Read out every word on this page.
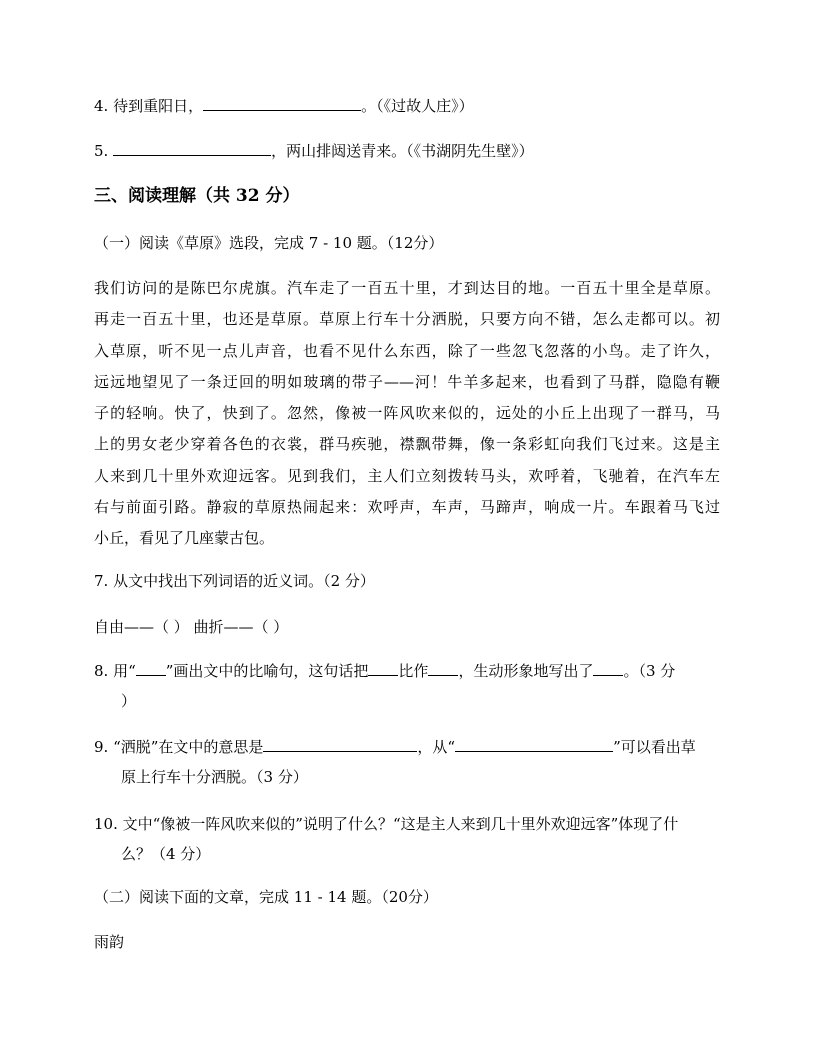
4. 待到重阳日，	。（《过故人庄》）
5.	，两山排闼送青来。（《书湖阴先生壁》）
三、阅读理解（共 32 分）
（一）阅读《草原》选段，完成 7 - 10 题。（12分）
我们访问的是陈巴尔虎旗。汽车走了一百五十里，才到达目的地。一百五十里全是草原。
再走一百五十里，也还是草原。草原上行车十分洒脱，只要方向不错，怎么走都可以。初
入草原，听不见一点儿声音，也看不见什么东西，除了一些忽飞忽落的小鸟。走了许久，
远远地望见了一条迂回的明如玻璃的带子——河！牛羊多起来，也看到了马群，隐隐有鞭
子的轻响。快了，快到了。忽然，像被一阵风吹来似的，远处的小丘上出现了一群马，马
上的男女老少穿着各色的衣裳，群马疾驰，襟飘带舞，像一条彩虹向我们飞过来。这是主
人来到几十里外欢迎远客。见到我们，主人们立刻拨转马头，欢呼着，飞驰着，在汽车左
右与前面引路。静寂的草原热闹起来：欢呼声，车声，马蹄声，响成一片。车跟着马飞过
小丘，看见了几座蒙古包。
7. 从文中找出下列词语的近义词。（2 分）
自由——（ ） 曲折——（ ）
8. 用“ ”画出文中的比喻句，这句话把 比作 ，生动形象地写出了 。（3 分
）
9. “洒脱”在文中的意思是	，从“	”可以看出草
原上行车十分洒脱。（3 分）
10. 文中“像被一阵风吹来似的”说明了什么？“这是主人来到几十里外欢迎远客”体现了什
么？（4 分）
（二）阅读下面的文章，完成 11 - 14 题。（20分）
雨韵
